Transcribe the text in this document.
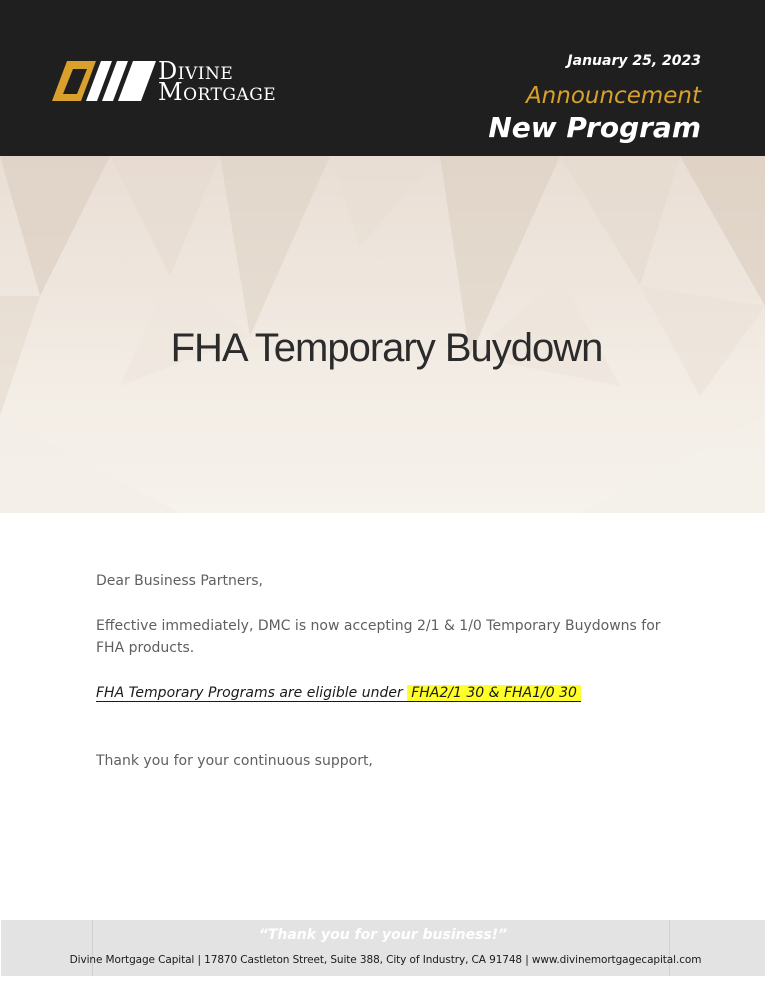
Divine
Mortgage
January 25, 2023
Announcement
New Program
FHA Temporary Buydown

Dear Business Partners,

Effective immediately, DMC is now accepting 2/1 & 1/0 Temporary Buydowns for FHA products.

FHA Temporary Programs are eligible under FHA2/1 30 & FHA1/0 30

Thank you for your continuous support,

“Thank you for your business!”
Divine Mortgage Capital | 17870 Castleton Street, Suite 388, City of Industry, CA 91748 | www.divinemortgagecapital.com
